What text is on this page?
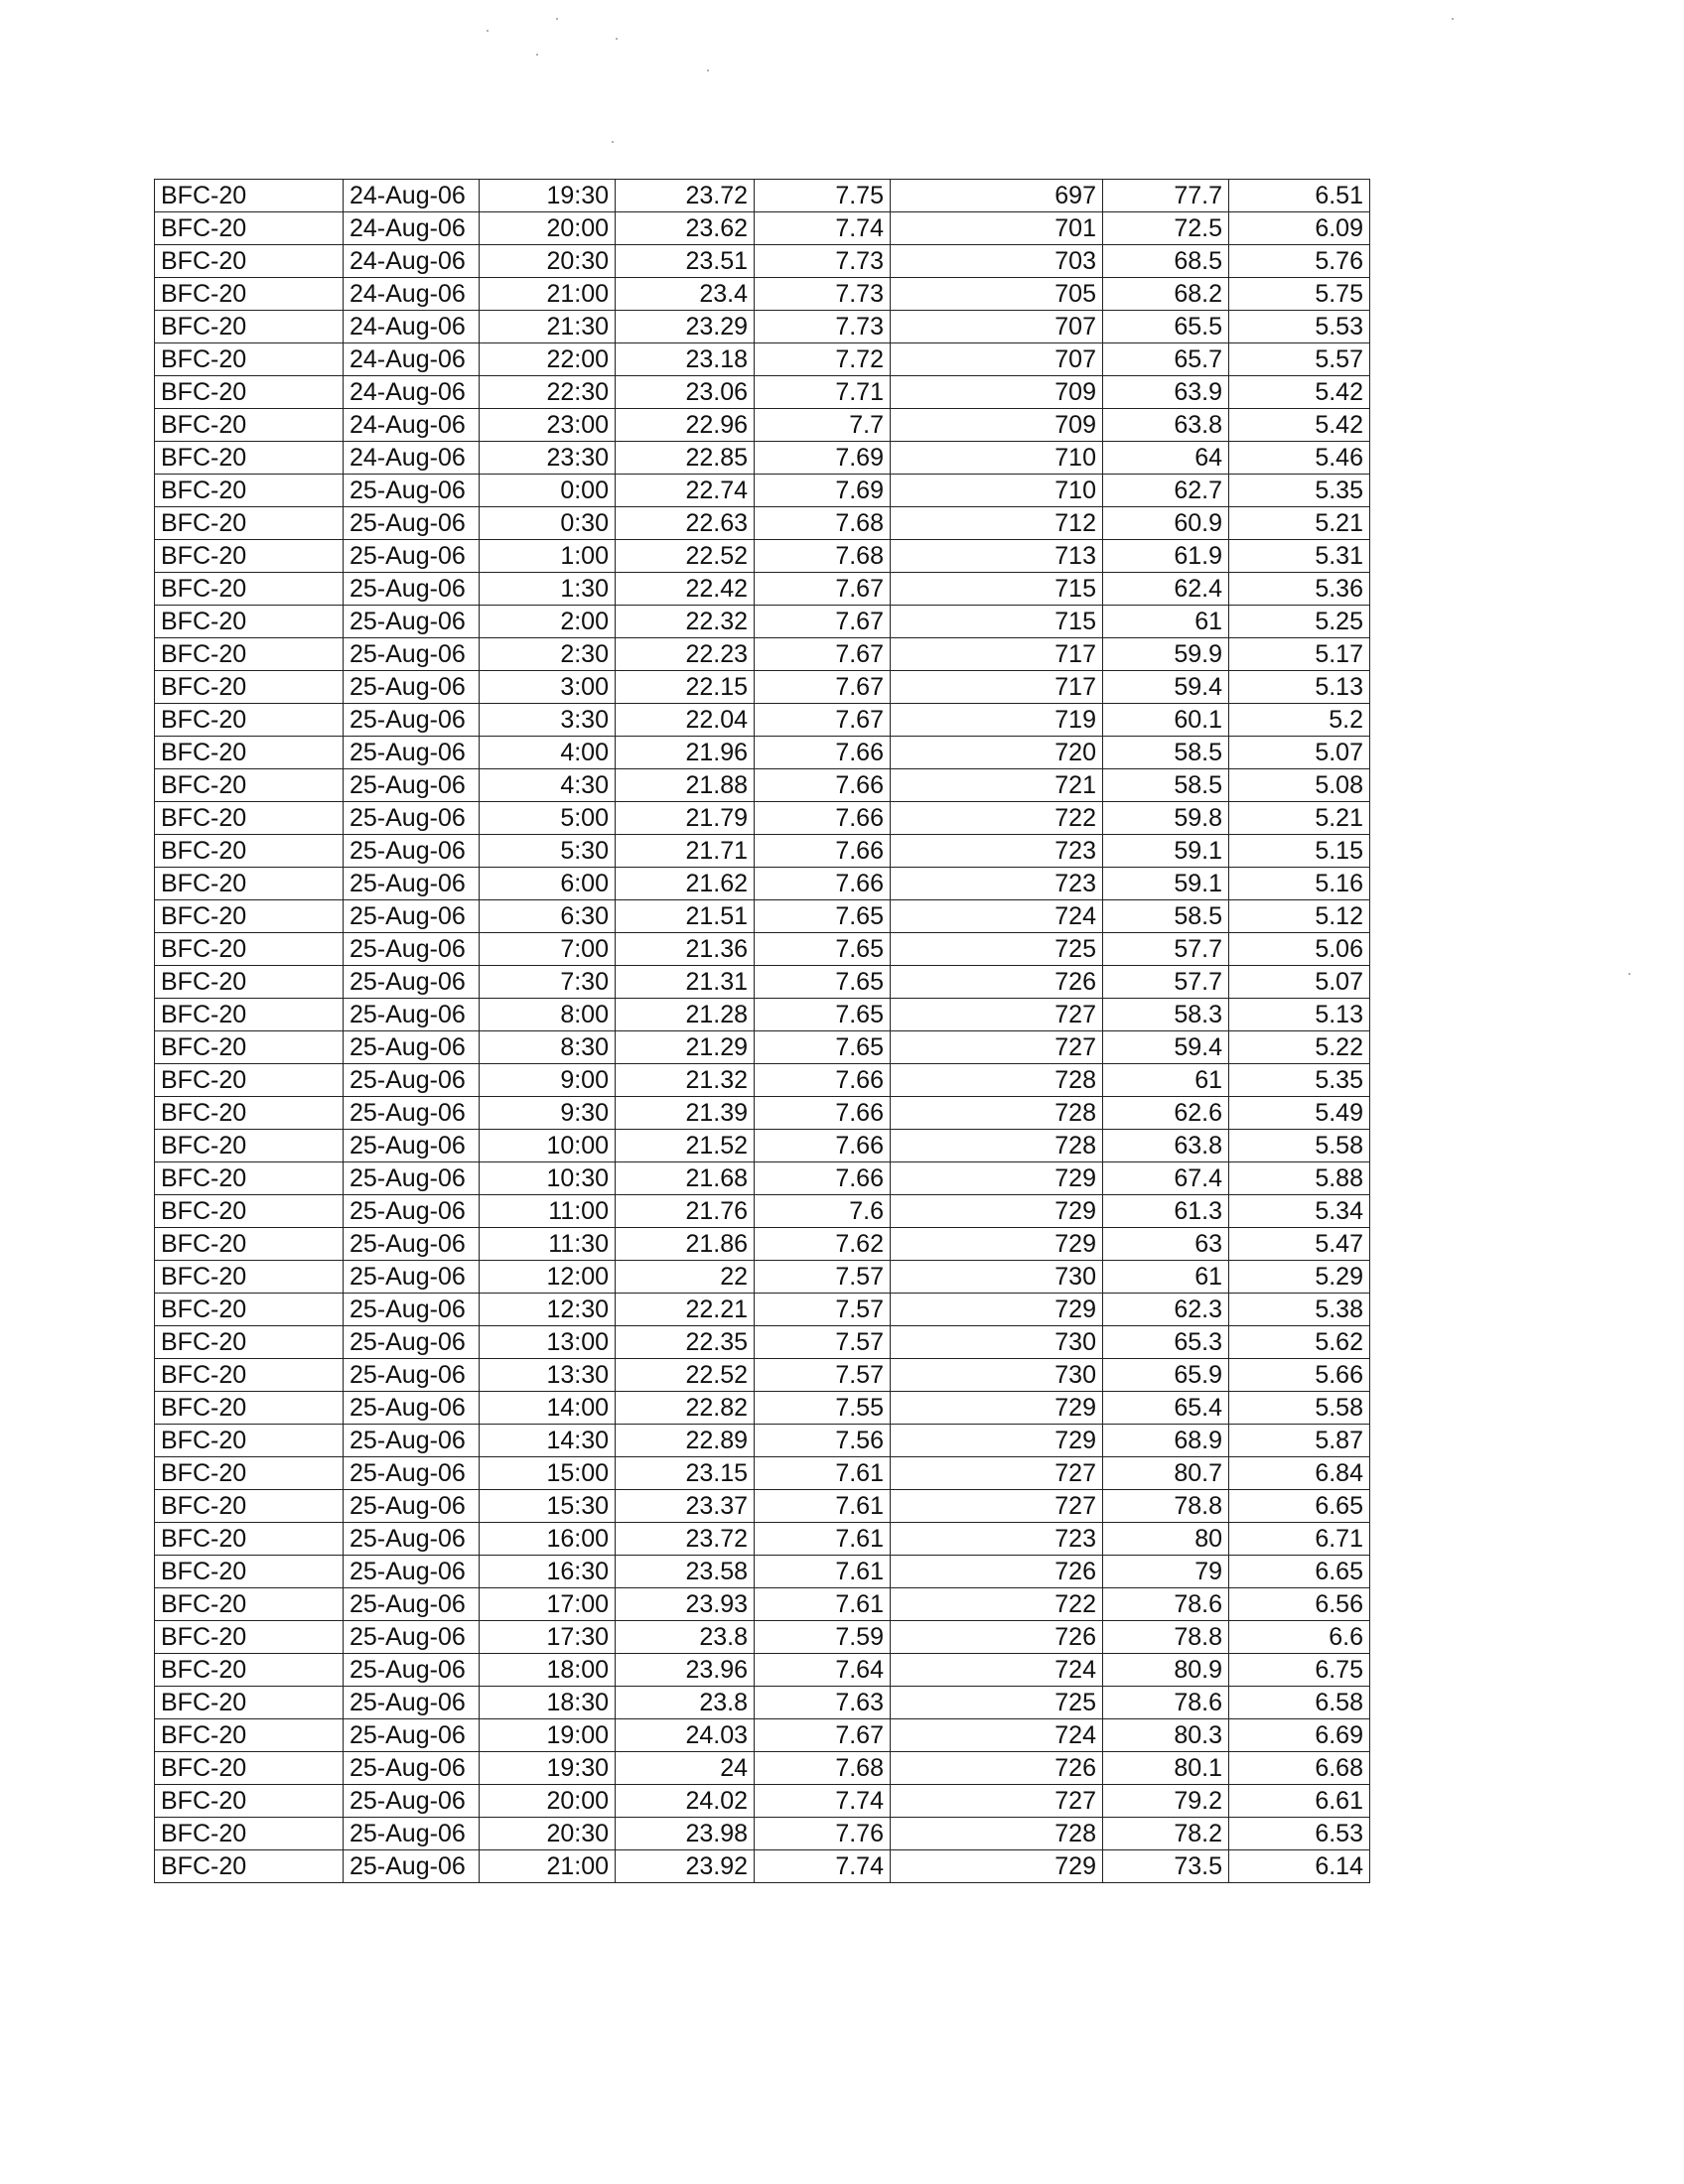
BFC-20	24-Aug-06	19:30	23.72	7.75	697	77.7	6.51
BFC-20	24-Aug-06	20:00	23.62	7.74	701	72.5	6.09
BFC-20	24-Aug-06	20:30	23.51	7.73	703	68.5	5.76
BFC-20	24-Aug-06	21:00	23.4	7.73	705	68.2	5.75
BFC-20	24-Aug-06	21:30	23.29	7.73	707	65.5	5.53
BFC-20	24-Aug-06	22:00	23.18	7.72	707	65.7	5.57
BFC-20	24-Aug-06	22:30	23.06	7.71	709	63.9	5.42
BFC-20	24-Aug-06	23:00	22.96	7.7	709	63.8	5.42
BFC-20	24-Aug-06	23:30	22.85	7.69	710	64	5.46
BFC-20	25-Aug-06	0:00	22.74	7.69	710	62.7	5.35
BFC-20	25-Aug-06	0:30	22.63	7.68	712	60.9	5.21
BFC-20	25-Aug-06	1:00	22.52	7.68	713	61.9	5.31
BFC-20	25-Aug-06	1:30	22.42	7.67	715	62.4	5.36
BFC-20	25-Aug-06	2:00	22.32	7.67	715	61	5.25
BFC-20	25-Aug-06	2:30	22.23	7.67	717	59.9	5.17
BFC-20	25-Aug-06	3:00	22.15	7.67	717	59.4	5.13
BFC-20	25-Aug-06	3:30	22.04	7.67	719	60.1	5.2
BFC-20	25-Aug-06	4:00	21.96	7.66	720	58.5	5.07
BFC-20	25-Aug-06	4:30	21.88	7.66	721	58.5	5.08
BFC-20	25-Aug-06	5:00	21.79	7.66	722	59.8	5.21
BFC-20	25-Aug-06	5:30	21.71	7.66	723	59.1	5.15
BFC-20	25-Aug-06	6:00	21.62	7.66	723	59.1	5.16
BFC-20	25-Aug-06	6:30	21.51	7.65	724	58.5	5.12
BFC-20	25-Aug-06	7:00	21.36	7.65	725	57.7	5.06
BFC-20	25-Aug-06	7:30	21.31	7.65	726	57.7	5.07
BFC-20	25-Aug-06	8:00	21.28	7.65	727	58.3	5.13
BFC-20	25-Aug-06	8:30	21.29	7.65	727	59.4	5.22
BFC-20	25-Aug-06	9:00	21.32	7.66	728	61	5.35
BFC-20	25-Aug-06	9:30	21.39	7.66	728	62.6	5.49
BFC-20	25-Aug-06	10:00	21.52	7.66	728	63.8	5.58
BFC-20	25-Aug-06	10:30	21.68	7.66	729	67.4	5.88
BFC-20	25-Aug-06	11:00	21.76	7.6	729	61.3	5.34
BFC-20	25-Aug-06	11:30	21.86	7.62	729	63	5.47
BFC-20	25-Aug-06	12:00	22	7.57	730	61	5.29
BFC-20	25-Aug-06	12:30	22.21	7.57	729	62.3	5.38
BFC-20	25-Aug-06	13:00	22.35	7.57	730	65.3	5.62
BFC-20	25-Aug-06	13:30	22.52	7.57	730	65.9	5.66
BFC-20	25-Aug-06	14:00	22.82	7.55	729	65.4	5.58
BFC-20	25-Aug-06	14:30	22.89	7.56	729	68.9	5.87
BFC-20	25-Aug-06	15:00	23.15	7.61	727	80.7	6.84
BFC-20	25-Aug-06	15:30	23.37	7.61	727	78.8	6.65
BFC-20	25-Aug-06	16:00	23.72	7.61	723	80	6.71
BFC-20	25-Aug-06	16:30	23.58	7.61	726	79	6.65
BFC-20	25-Aug-06	17:00	23.93	7.61	722	78.6	6.56
BFC-20	25-Aug-06	17:30	23.8	7.59	726	78.8	6.6
BFC-20	25-Aug-06	18:00	23.96	7.64	724	80.9	6.75
BFC-20	25-Aug-06	18:30	23.8	7.63	725	78.6	6.58
BFC-20	25-Aug-06	19:00	24.03	7.67	724	80.3	6.69
BFC-20	25-Aug-06	19:30	24	7.68	726	80.1	6.68
BFC-20	25-Aug-06	20:00	24.02	7.74	727	79.2	6.61
BFC-20	25-Aug-06	20:30	23.98	7.76	728	78.2	6.53
BFC-20	25-Aug-06	21:00	23.92	7.74	729	73.5	6.14
